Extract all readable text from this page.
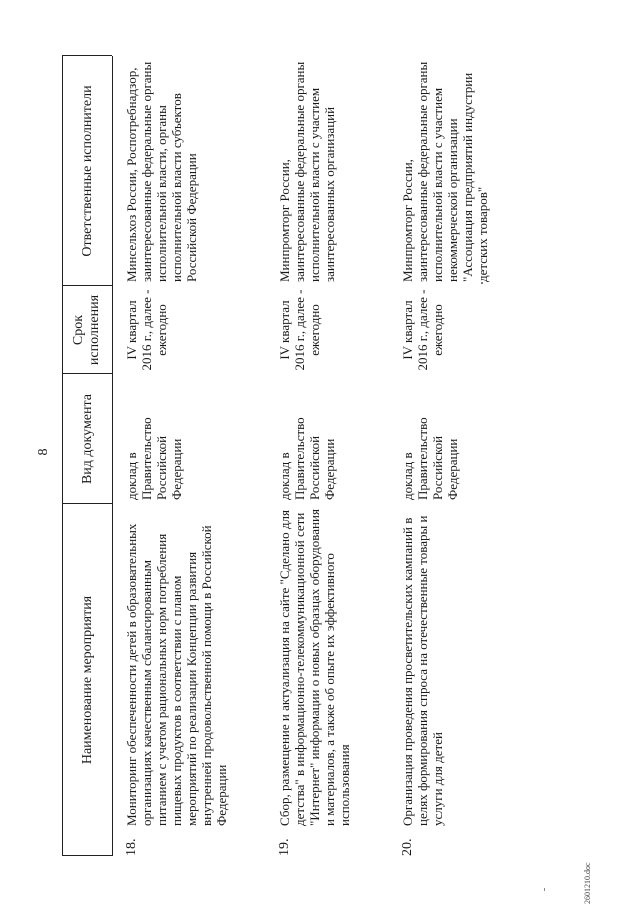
8
2601210.doc
Наименование мероприятия
Вид документа
Срок исполнения
Ответственные исполнители
18.
Мониторинг обеспеченности детей в образовательных организациях качественным сбалансированным питанием с учетом рациональных норм потребления пищевых продуктов в соответствии с планом мероприятий по реализации Концепции развития внутренней продовольственной помощи в Российской Федерации
доклад в Правительство Российской Федерации
IV квартал 2016 г., далее - ежегодно
Минсельхоз России, Роспотребнадзор, заинтересованные федеральные органы исполнительной власти, органы исполнительной власти субъектов Российской Федерации
19.
Сбор, размещение и актуализация на сайте "Сделано для детства" в информационно-телекоммуникационной сети "Интернет" информации о новых образцах оборудования и материалов, а также об опыте их эффективного использования
доклад в Правительство Российской Федерации
IV квартал 2016 г., далее - ежегодно
Минпромторг России, заинтересованные федеральные органы исполнительной власти с участием заинтересованных организаций
20.
Организация проведения просветительских кампаний в целях формирования спроса на отечественные товары и услуги для детей
доклад в Правительство Российской Федерации
IV квартал 2016 г., далее - ежегодно
Минпромторг России, заинтересованные федеральные органы исполнительной власти с участием некоммерческой организации "Ассоциация предприятий индустрии детских товаров"
